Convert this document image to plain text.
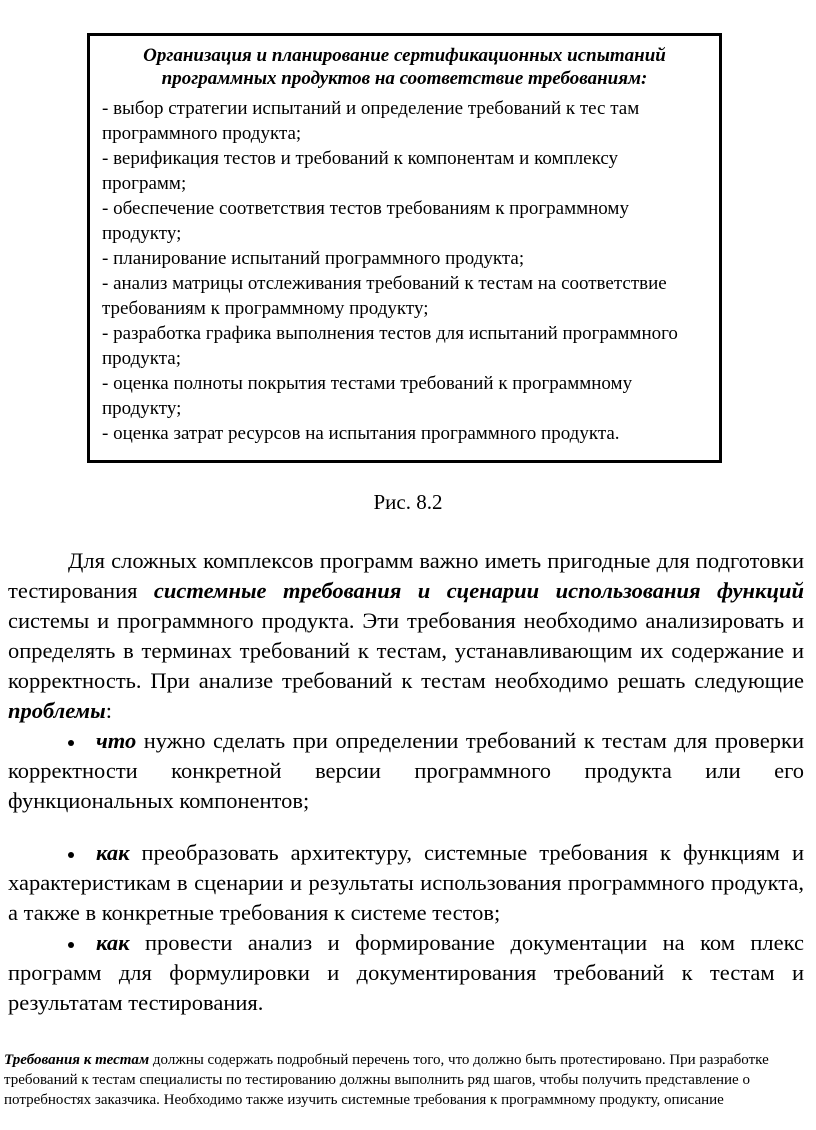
Организация и планирование сертификационных испытаний
программных продуктов на соответствие требованиям:
- выбор стратегии испытаний и определение требований к тес там программного продукта;
- верификация тестов и требований к компонентам и комплексу программ;
- обеспечение соответствия тестов требованиям к программному продукту;
- планирование испытаний программного продукта;
- анализ матрицы отслеживания требований к тестам на соответствие требованиям к программному продукту;
- разработка графика выполнения тестов для испытаний программного продукта;
- оценка полноты покрытия тестами требований к программному продукту;
- оценка затрат ресурсов на испытания программного продукта.
Рис. 8.2

Для сложных комплексов программ важно иметь пригодные для подготовки тестирования системные требования и сценарии использования функций системы и программного продукта. Эти требования необходимо анализировать и определять в терминах требований к тестам, устанавливающим их содержание и корректность. При анализе требований к тестам необходимо решать следующие проблемы:

что нужно сделать при определении требований к тестам для проверки корректности конкретной версии программного продукта или его функциональных компонентов;

как преобразовать архитектуру, системные требования к функциям и характеристикам в сценарии и результаты использования программного продукта, а также в конкретные требования к системе тестов;

как провести анализ и формирование документации на ком плекс программ для формулировки и документирования требований к тестам и результатам тестирования.

Требования к тестам должны содержать подробный перечень того, что должно быть протестировано. При разработке требований к тестам специалисты по тестированию должны выполнить ряд шагов, чтобы получить представление о потребностях заказчика. Необходимо также изучить системные требования к программному продукту, описание
